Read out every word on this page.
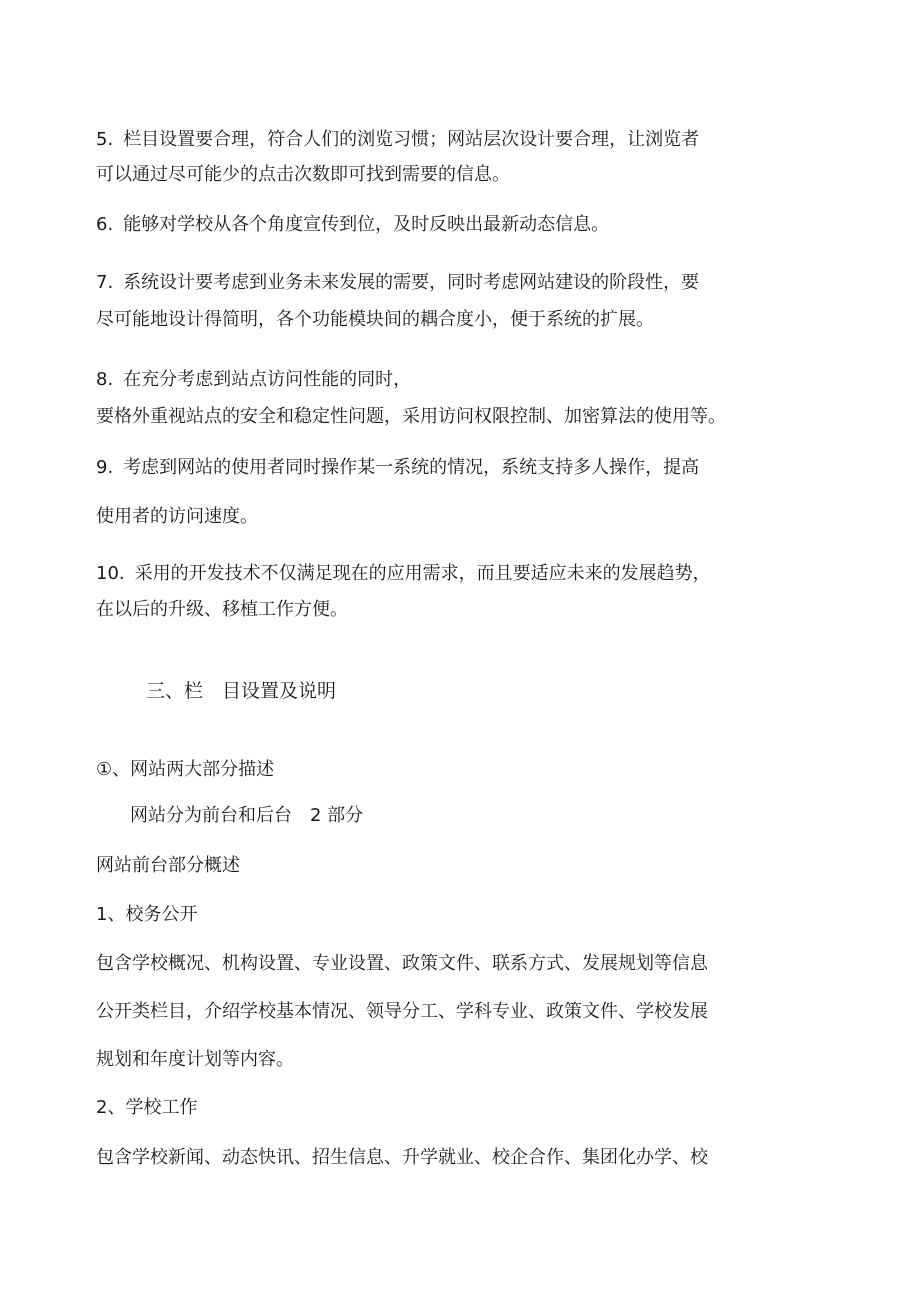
5. 栏目设置要合理，符合人们的浏览习惯；网站层次设计要合理，让浏览者

可以通过尽可能少的点击次数即可找到需要的信息。

6. 能够对学校从各个角度宣传到位，及时反映出最新动态信息。

7. 系统设计要考虑到业务未来发展的需要，同时考虑网站建设的阶段性，要

尽可能地设计得简明，各个功能模块间的耦合度小，便于系统的扩展。

8. 在充分考虑到站点访问性能的同时，

要格外重视站点的安全和稳定性问题，采用访问权限控制、加密算法的使用等。

9. 考虑到网站的使用者同时操作某一系统的情况，系统支持多人操作，提高

使用者的访问速度。

10. 采用的开发技术不仅满足现在的应用需求，而且要适应未来的发展趋势，

在以后的升级、移植工作方便。

三、栏　目设置及说明

①、网站两大部分描述

网站分为前台和后台　2 部分

网站前台部分概述

1、校务公开

包含学校概况、机构设置、专业设置、政策文件、联系方式、发展规划等信息

公开类栏目，介绍学校基本情况、领导分工、学科专业、政策文件、学校发展

规划和年度计划等内容。

2、学校工作

包含学校新闻、动态快讯、招生信息、升学就业、校企合作、集团化办学、校
